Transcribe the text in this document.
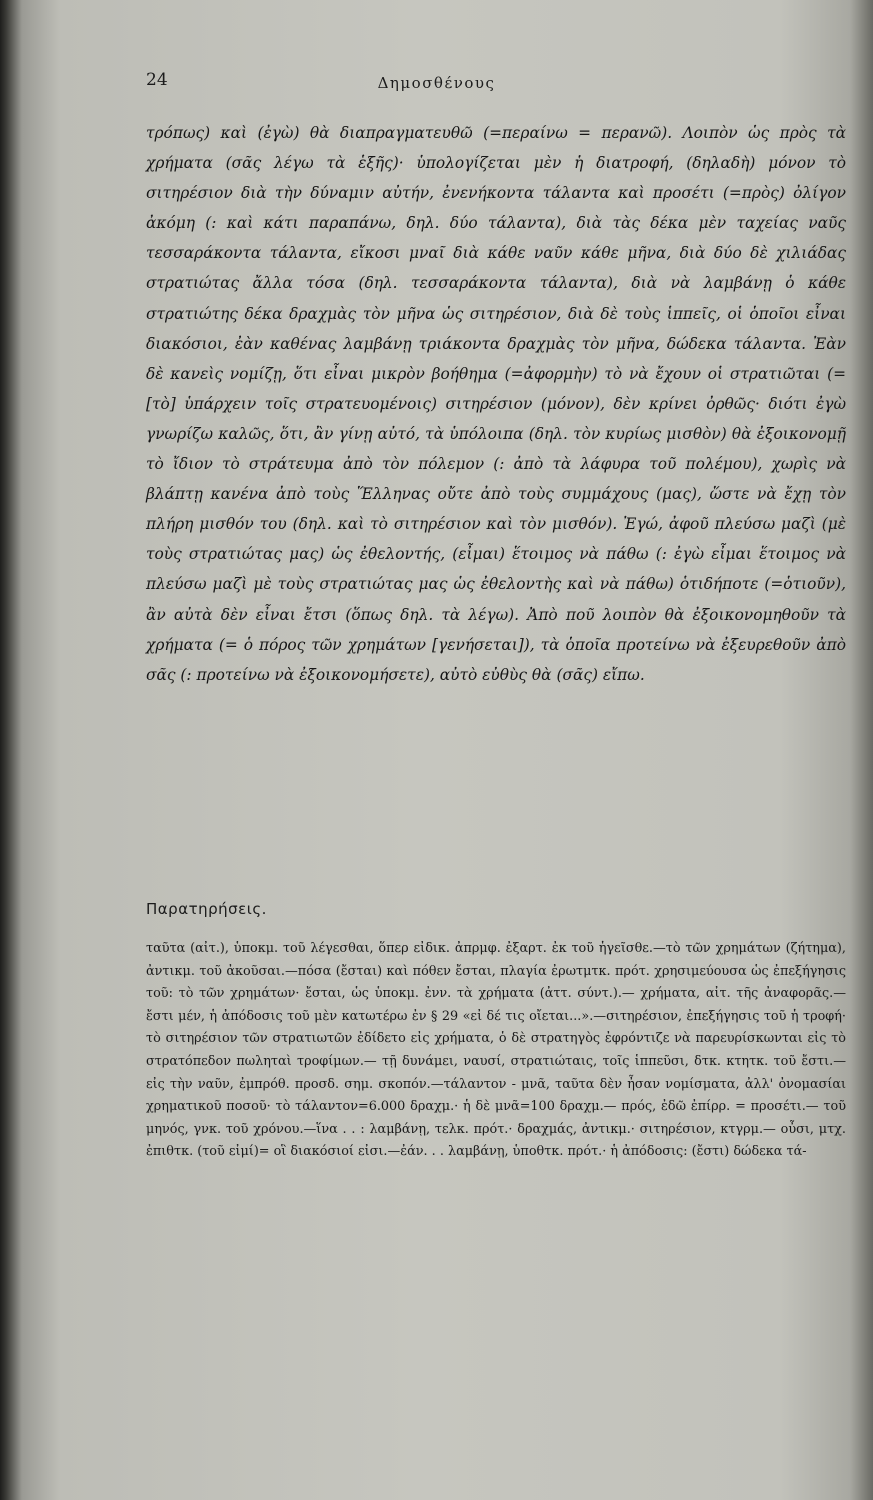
24	Δημοσθένους

τρόπως) καὶ (ἐγὼ) θὰ διαπραγματευθῶ (=περαίνω = περανῶ). Λοιπὸν ὡς πρὸς τὰ χρήματα (σᾶς λέγω τὰ ἑξῆς)· ὑπολογίζεται μὲν ἡ διατροφή, (δηλαδὴ) μόνον τὸ σιτηρέσιον διὰ τὴν δύναμιν αὐτήν, ἐνενήκοντα τάλαντα καὶ προσέτι (=πρὸς) ὀλίγον ἀκόμη (: καὶ κάτι παραπάνω, δηλ. δύο τάλαντα), διὰ τὰς δέκα μὲν ταχείας ναῦς τεσσαράκοντα τάλαντα, εἴκοσι μναῖ διὰ κάθε ναῦν κάθε μῆνα, διὰ δύο δὲ χιλιάδας στρατιώτας ἄλλα τόσα (δηλ. τεσσαράκοντα τάλαντα), διὰ νὰ λαμβάνῃ ὁ κάθε στρατιώτης δέκα δραχμὰς τὸν μῆνα ὡς σιτηρέσιον, διὰ δὲ τοὺς ἱππεῖς, οἱ ὁποῖοι εἶναι διακόσιοι, ἐὰν καθένας λαμβάνῃ τριάκοντα δραχμὰς τὸν μῆνα, δώδεκα τάλαντα. Ἐὰν δὲ κανεὶς νομίζῃ, ὅτι εἶναι μικρὸν βοήθημα (=ἀφορμὴν) τὸ νὰ ἔχουν οἱ στρατιῶται (=[τὸ] ὑπάρχειν τοῖς στρατευομένοις) σιτηρέσιον (μόνον), δὲν κρίνει ὀρθῶς· διότι ἐγὼ γνωρίζω καλῶς, ὅτι, ἂν γίνῃ αὐτό, τὰ ὑπόλοιπα (δηλ. τὸν κυρίως μισθὸν) θὰ ἐξοικονομῇ τὸ ἴδιον τὸ στράτευμα ἀπὸ τὸν πόλεμον (: ἀπὸ τὰ λάφυρα τοῦ πολέμου), χωρὶς νὰ βλάπτῃ κανένα ἀπὸ τοὺς Ἕλληνας οὔτε ἀπὸ τοὺς συμμάχους (μας), ὥστε νὰ ἔχῃ τὸν πλήρη μισθόν του (δηλ. καὶ τὸ σιτηρέσιον καὶ τὸν μισθόν). Ἐγώ, ἀφοῦ πλεύσω μαζὶ (μὲ τοὺς στρατιώτας μας) ὡς ἐθελοντής, (εἶμαι) ἕτοιμος νὰ πάθω (: ἐγὼ εἶμαι ἕτοιμος νὰ πλεύσω μαζὶ μὲ τοὺς στρατιώτας μας ὡς ἐθελοντὴς καὶ νὰ πάθω) ὁτιδήποτε (=ὁτιοῦν), ἂν αὐτὰ δὲν εἶναι ἔτσι (ὅπως δηλ. τὰ λέγω). Ἀπὸ ποῦ λοιπὸν θὰ ἐξοικονομηθοῦν τὰ χρήματα (= ὁ πόρος τῶν χρημάτων [γενήσεται]), τὰ ὁποῖα προτείνω νὰ ἐξευρεθοῦν ἀπὸ σᾶς (: προτείνω νὰ ἐξοικονομήσετε), αὐτὸ εὐθὺς θὰ (σᾶς) εἴπω.

Παρατηρήσεις.

ταῦτα (αἰτ.), ὑποκμ. τοῦ λέγεσθαι, ὅπερ εἰδικ. ἀπρμφ. ἐξαρτ. ἐκ τοῦ ἡγεῖσθε.—τὸ τῶν χρημάτων (ζήτημα), ἀντικμ. τοῦ ἀκοῦσαι.—πόσα (ἔσται) καὶ πόθεν ἔσται, πλαγία ἐρωτμτκ. πρότ. χρησιμεύουσα ὡς ἐπεξήγησις τοῦ: τὸ τῶν χρημάτων· ἔσται, ὡς ὑποκμ. ἐνν. τὰ χρήματα (ἀττ. σύντ.).— χρήματα, αἰτ. τῆς ἀναφορᾶς.—ἔστι μέν, ἡ ἀπόδοσις τοῦ μὲν κατωτέρω ἐν § 29 «εἰ δέ τις οἴεται...».—σιτηρέσιον, ἐπεξήγησις τοῦ ἡ τροφή· τὸ σιτηρέσιον τῶν στρατιωτῶν ἐδίδετο εἰς χρήματα, ὁ δὲ στρατηγὸς ἐφρόντιζε νὰ παρευρίσκωνται εἰς τὸ στρατόπεδον πωληταὶ τροφίμων.— τῇ δυνάμει, ναυσί, στρατιώταις, τοῖς ἱππεῦσι, δτκ. κτητκ. τοῦ ἔστι.—εἰς τὴν ναῦν, ἐμπρόθ. προσδ. σημ. σκοπόν.—τάλαντον - μνᾶ, ταῦτα δὲν ἦσαν νομίσματα, ἀλλ' ὀνομασίαι χρηματικοῦ ποσοῦ· τὸ τάλαντον=6.000 δραχμ.· ἡ δὲ μνᾶ=100 δραχμ.— πρός, ἐδῶ ἐπίρρ. = προσέτι.— τοῦ μηνός, γνκ. τοῦ χρόνου.—ἵνα . . : λαμβάνῃ, τελκ. πρότ.· δραχμάς, ἀντικμ.· σιτηρέσιον, κτγρμ.— οὖσι, μτχ. ἐπιθτκ. (τοῦ εἰμί)= οἳ διακόσιοί εἰσι.—ἐάν. . . λαμβάνῃ, ὑποθτκ. πρότ.· ἡ ἀπόδοσις: (ἔστι) δώδεκα τά-
